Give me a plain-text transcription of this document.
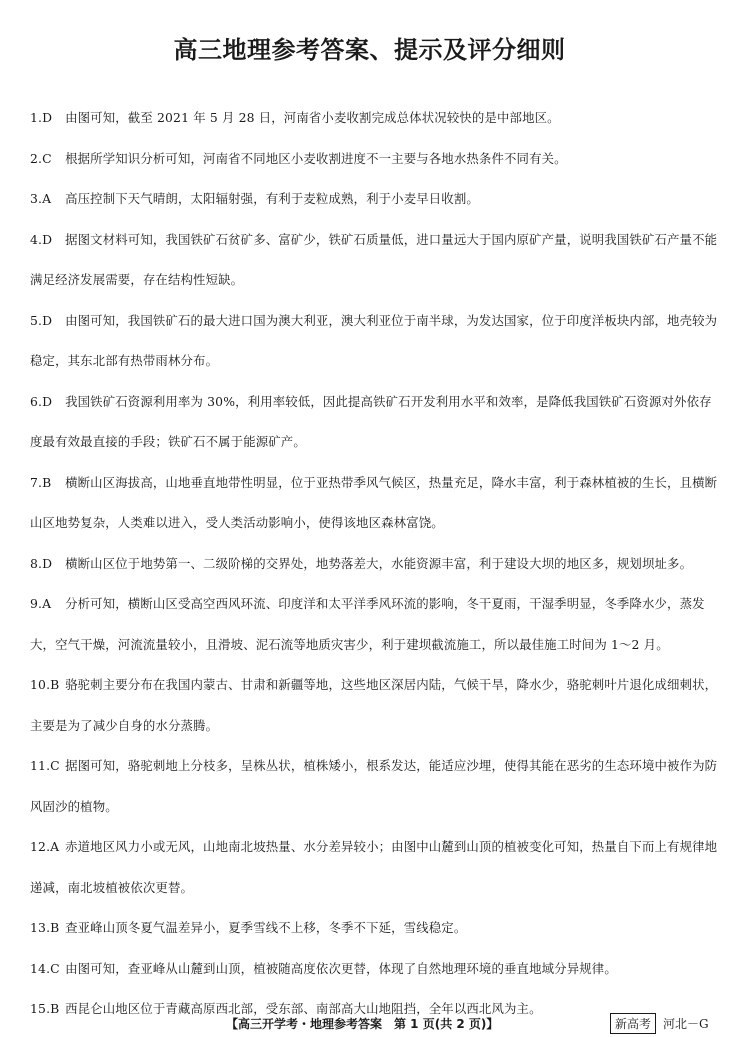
高三地理参考答案、提示及评分细则
1.D 由图可知，截至 2021 年 5 月 28 日，河南省小麦收割完成总体状况较快的是中部地区。
2.C 根据所学知识分析可知，河南省不同地区小麦收割进度不一主要与各地水热条件不同有关。
3.A 高压控制下天气晴朗，太阳辐射强，有利于麦粒成熟，利于小麦早日收割。
4.D 据图文材料可知，我国铁矿石贫矿多、富矿少，铁矿石质量低，进口量远大于国内原矿产量，说明我国铁矿石产量不能满足经济发展需要，存在结构性短缺。
5.D 由图可知，我国铁矿石的最大进口国为澳大利亚，澳大利亚位于南半球，为发达国家，位于印度洋板块内部，地壳较为稳定，其东北部有热带雨林分布。
6.D 我国铁矿石资源利用率为 30%，利用率较低，因此提高铁矿石开发利用水平和效率，是降低我国铁矿石资源对外依存度最有效最直接的手段；铁矿石不属于能源矿产。
7.B 横断山区海拔高，山地垂直地带性明显，位于亚热带季风气候区，热量充足，降水丰富，利于森林植被的生长，且横断山区地势复杂，人类难以进入，受人类活动影响小，使得该地区森林富饶。
8.D 横断山区位于地势第一、二级阶梯的交界处，地势落差大，水能资源丰富，利于建设大坝的地区多，规划坝址多。
9.A 分析可知，横断山区受高空西风环流、印度洋和太平洋季风环流的影响，冬干夏雨，干湿季明显，冬季降水少，蒸发大，空气干燥，河流流量较小，且滑坡、泥石流等地质灾害少，利于建坝截流施工，所以最佳施工时间为 1～2 月。
10.B 骆驼刺主要分布在我国内蒙古、甘肃和新疆等地，这些地区深居内陆，气候干旱，降水少，骆驼刺叶片退化成细刺状，主要是为了减少自身的水分蒸腾。
11.C 据图可知，骆驼刺地上分枝多，呈株丛状，植株矮小，根系发达，能适应沙埋，使得其能在恶劣的生态环境中被作为防风固沙的植物。
12.A 赤道地区风力小或无风，山地南北坡热量、水分差异较小；由图中山麓到山顶的植被变化可知，热量自下而上有规律地递减，南北坡植被依次更替。
13.B 查亚峰山顶冬夏气温差异小，夏季雪线不上移，冬季不下延，雪线稳定。
14.C 由图可知，查亚峰从山麓到山顶，植被随高度依次更替，体现了自然地理环境的垂直地域分异规律。
15.B 西昆仑山地区位于青藏高原西北部，受东部、南部高大山地阻挡，全年以西北风为主。
【高三开学考・地理参考答案　第 1 页(共 2 页)】	新高考 河北－G
